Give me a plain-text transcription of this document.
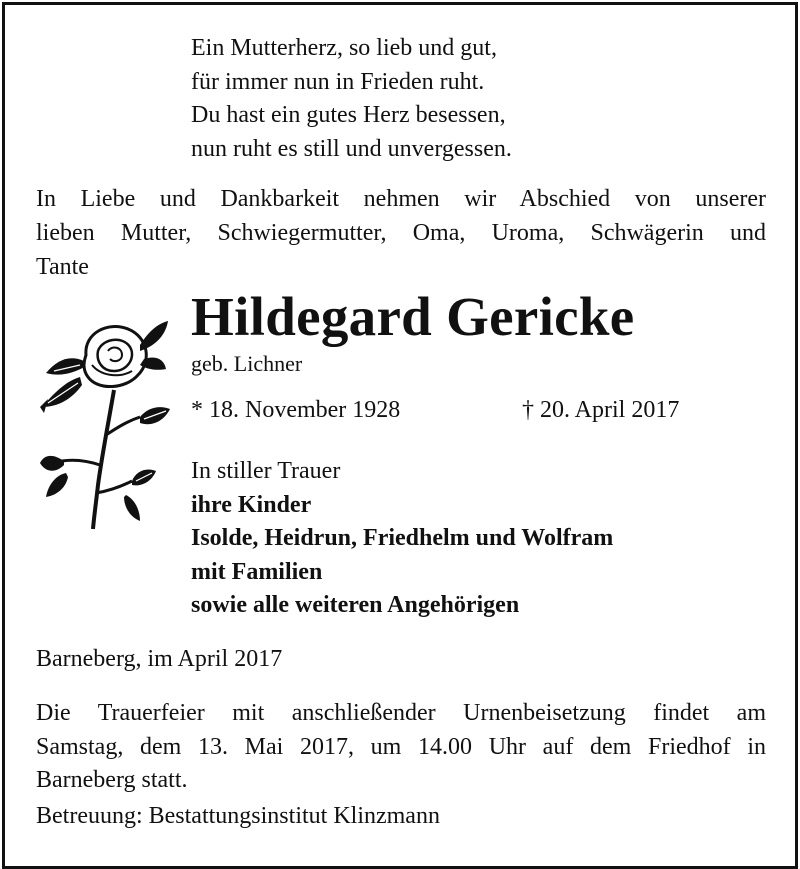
Ein Mutterherz, so lieb und gut,
für immer nun in Frieden ruht.
Du hast ein gutes Herz besessen,
nun ruht es still und unvergessen.
In Liebe und Dankbarkeit nehmen wir Abschied von unserer
lieben Mutter, Schwiegermutter, Oma, Uroma, Schwägerin und
Tante
Hildegard Gericke
geb. Lichner
* 18. November 1928	† 20. April 2017
In stiller Trauer
ihre Kinder
Isolde, Heidrun, Friedhelm und Wolfram
mit Familien
sowie alle weiteren Angehörigen
Barneberg, im April 2017
Die Trauerfeier mit anschließender Urnenbeisetzung findet am
Samstag, dem 13. Mai 2017, um 14.00 Uhr auf dem Friedhof in
Barneberg statt.
Betreuung: Bestattungsinstitut Klinzmann
